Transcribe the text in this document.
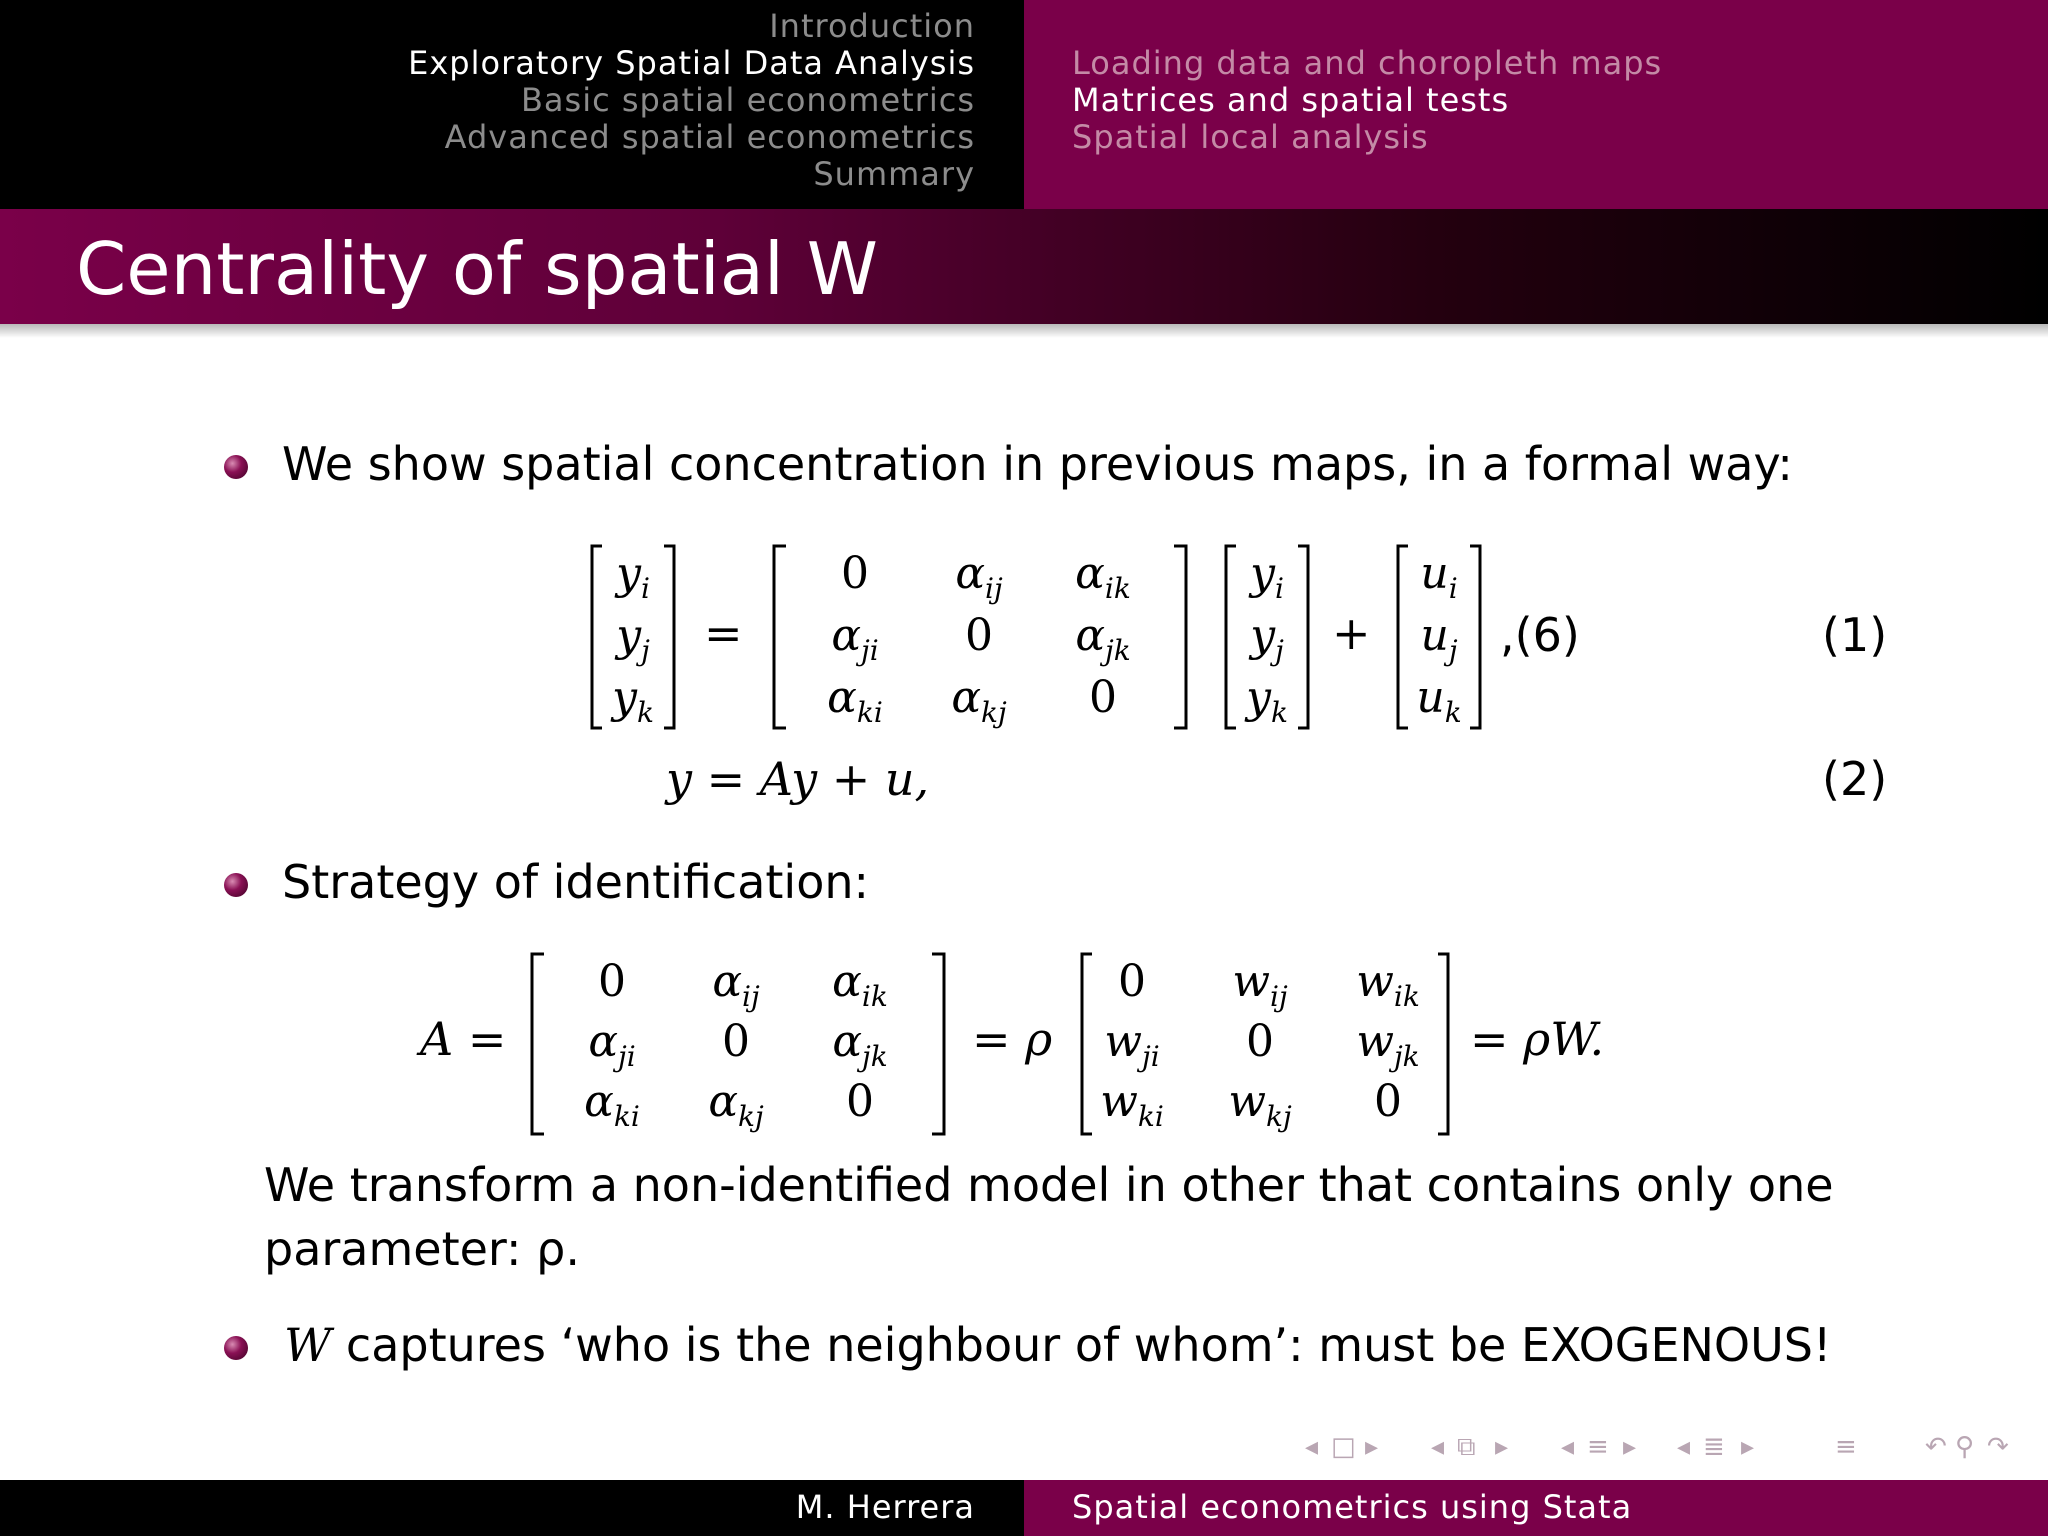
Introduction
Exploratory Spatial Data Analysis
Basic spatial econometrics
Advanced spatial econometrics
Summary
Loading data and choropleth maps
Matrices and spatial tests
Spatial local analysis
Centrality of spatial W
We show spatial concentration in previous maps, in a formal way:
$y_i$
$y_j$
$y_k$
=
0	$\alpha_{ij}$	$\alpha_{ik}$
$\alpha_{ji}$	0	$\alpha_{jk}$
$\alpha_{ki}$	$\alpha_{kj}$	0
$y_i$
$y_j$
$y_k$
+
$u_i$
$u_j$
$u_k$
,(6)	(1)
y = Ay + u,	(2)
Strategy of identification:
A =
0	$\alpha_{ij}$	$\alpha_{ik}$
$\alpha_{ji}$	0	$\alpha_{jk}$
$\alpha_{ki}$	$\alpha_{kj}$	0
= ρ
0	$w_{ij}$	$w_{ik}$
$w_{ji}$	0	$w_{jk}$
$w_{ki}$	$w_{kj}$	0
= ρW.
We transform a non-identified model in other that contains only one
parameter: ρ.
W captures ‘who is the neighbour of whom’: must be EXOGENOUS!
◂ □ ▸ ◂ ⧉ ▸ ◂ ≡ ▸ ◂ ≣ ▸	≡	↶ ⚲ ↷
M. Herrera	Spatial econometrics using Stata
